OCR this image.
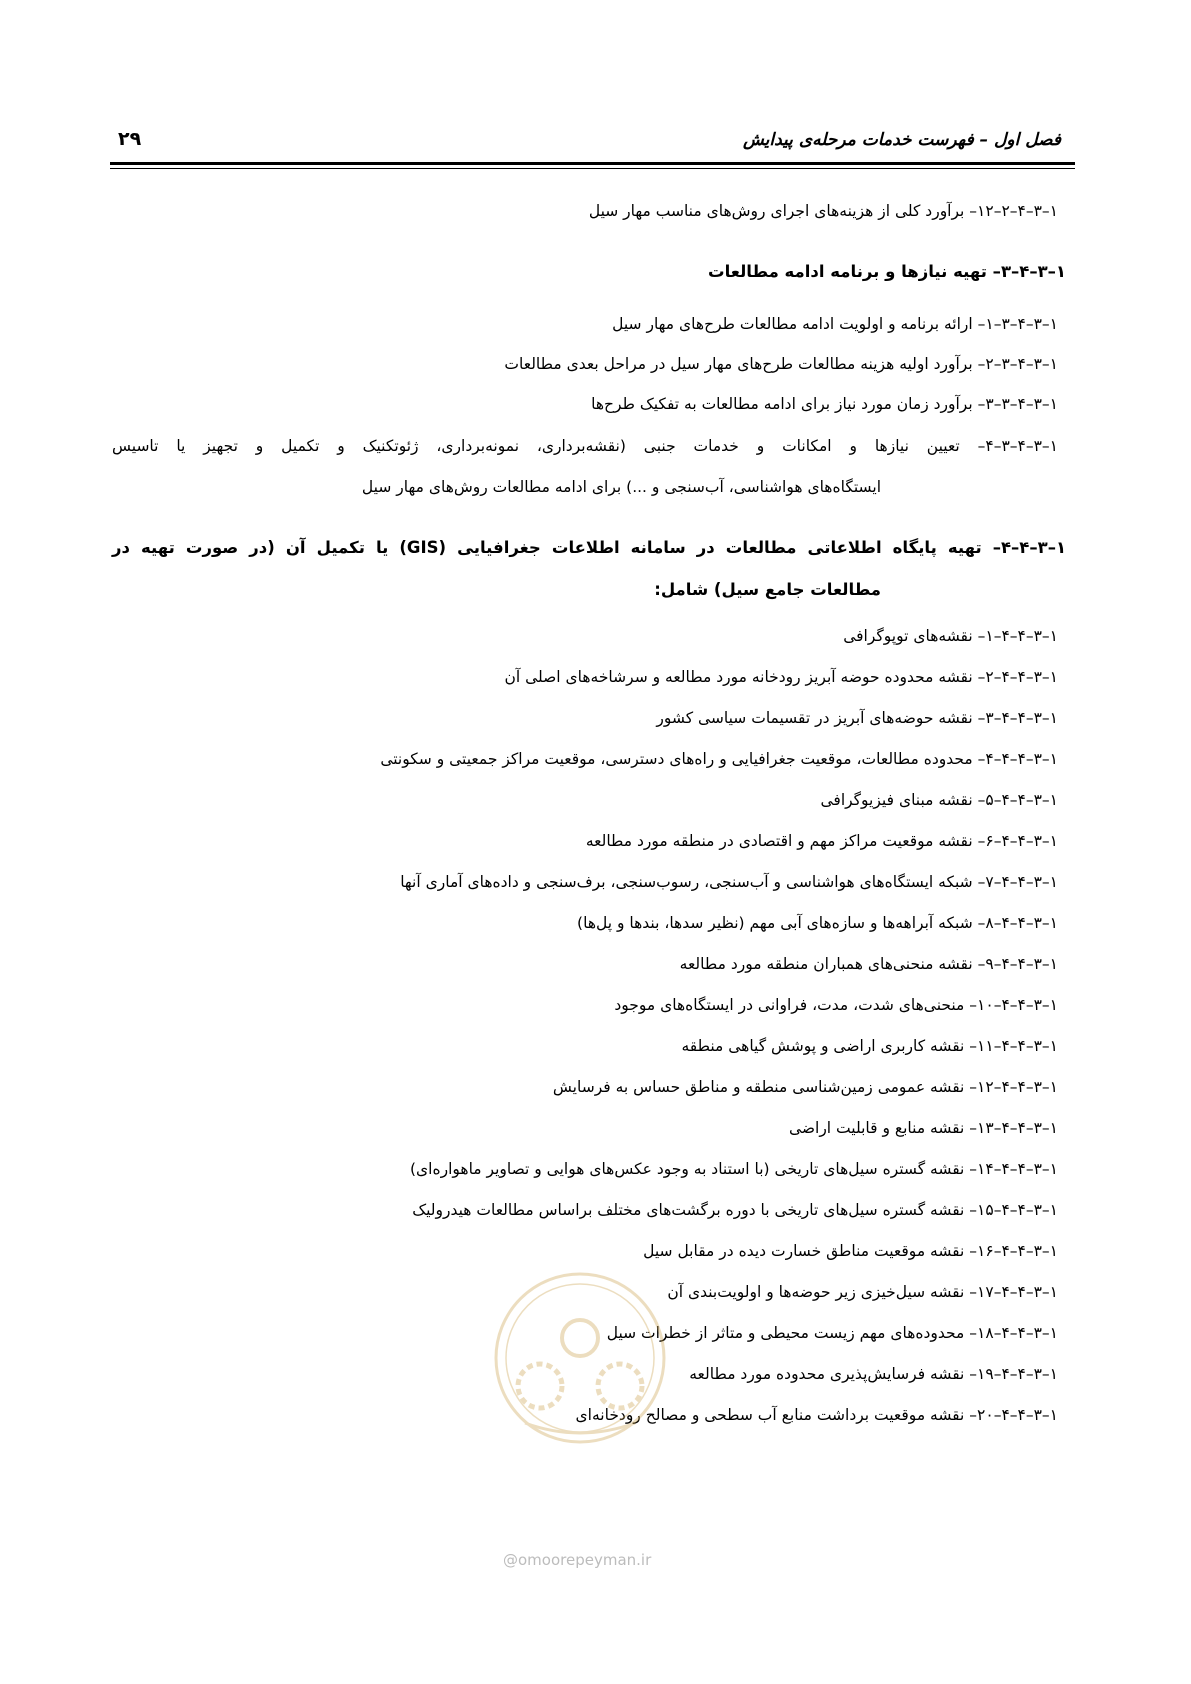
فصل اول – فهرست خدمات مرحله‌ی پیدایش
۲۹
۱–۳–۴–۲–۱۲– برآورد کلی از هزینه‌های اجرای روش‌های مناسب مهار سیل
۱–۳–۴–۳– تهیه نیازها و برنامه ادامه مطالعات
۱–۳–۴–۳–۱– ارائه برنامه و اولویت ادامه مطالعات طرح‌های مهار سیل
۱–۳–۴–۳–۲– برآورد اولیه هزینه مطالعات طرح‌های مهار سیل در مراحل بعدی مطالعات
۱–۳–۴–۳–۳– برآورد زمان مورد نیاز برای ادامه مطالعات به تفکیک طرح‌ها
۱–۳–۴–۳–۴– تعیین نیازها و امکانات و خدمات جنبی (نقشه‌برداری، نمونه‌برداری، ژئوتکنیک و تکمیل و تجهیز یا تاسیس
ایستگاه‌های هواشناسی، آب‌سنجی و ...) برای ادامه مطالعات روش‌های مهار سیل
۱–۳–۴–۴– تهیه پایگاه اطلاعاتی مطالعات در سامانه اطلاعات جغرافیایی (GIS) یا تکمیل آن (در صورت تهیه در
مطالعات جامع سیل) شامل:
۱–۳–۴–۴–۱– نقشه‌های توپوگرافی
۱–۳–۴–۴–۲– نقشه محدوده حوضه آبریز رودخانه مورد مطالعه و سرشاخه‌های اصلی آن
۱–۳–۴–۴–۳– نقشه حوضه‌های آبریز در تقسیمات سیاسی کشور
۱–۳–۴–۴–۴– محدوده مطالعات، موقعیت جغرافیایی و راه‌های دسترسی، موقعیت مراکز جمعیتی و سکونتی
۱–۳–۴–۴–۵– نقشه مبنای فیزیوگرافی
۱–۳–۴–۴–۶– نقشه موقعیت مراکز مهم و اقتصادی در منطقه مورد مطالعه
۱–۳–۴–۴–۷– شبکه ایستگاه‌های هواشناسی و آب‌سنجی، رسوب‌سنجی، برف‌سنجی و داده‌های آماری آنها
۱–۳–۴–۴–۸– شبکه آبراهه‌ها و سازه‌های آبی مهم (نظیر سدها، بندها و پل‌ها)
۱–۳–۴–۴–۹– نقشه منحنی‌های همباران منطقه مورد مطالعه
۱–۳–۴–۴–۱۰– منحنی‌های شدت، مدت، فراوانی در ایستگاه‌های موجود
۱–۳–۴–۴–۱۱– نقشه کاربری اراضی و پوشش گیاهی منطقه
۱–۳–۴–۴–۱۲– نقشه عمومی زمین‌شناسی منطقه و مناطق حساس به فرسایش
۱–۳–۴–۴–۱۳– نقشه منابع و قابلیت اراضی
۱–۳–۴–۴–۱۴– نقشه گستره سیل‌های تاریخی (با استناد به وجود عکس‌های هوایی و تصاویر ماهواره‌ای)
۱–۳–۴–۴–۱۵– نقشه گستره سیل‌های تاریخی با دوره برگشت‌های مختلف براساس مطالعات هیدرولیک
۱–۳–۴–۴–۱۶– نقشه موقعیت مناطق خسارت دیده در مقابل سیل
۱–۳–۴–۴–۱۷– نقشه سیل‌خیزی زیر حوضه‌ها و اولویت‌بندی آن
۱–۳–۴–۴–۱۸– محدوده‌های مهم زیست محیطی و متاثر از خطرات سیل
۱–۳–۴–۴–۱۹– نقشه فرسایش‌پذیری محدوده مورد مطالعه
۱–۳–۴–۴–۲۰– نقشه موقعیت برداشت منابع آب سطحی و مصالح رودخانه‌ای
@omoorepeyman.ir
